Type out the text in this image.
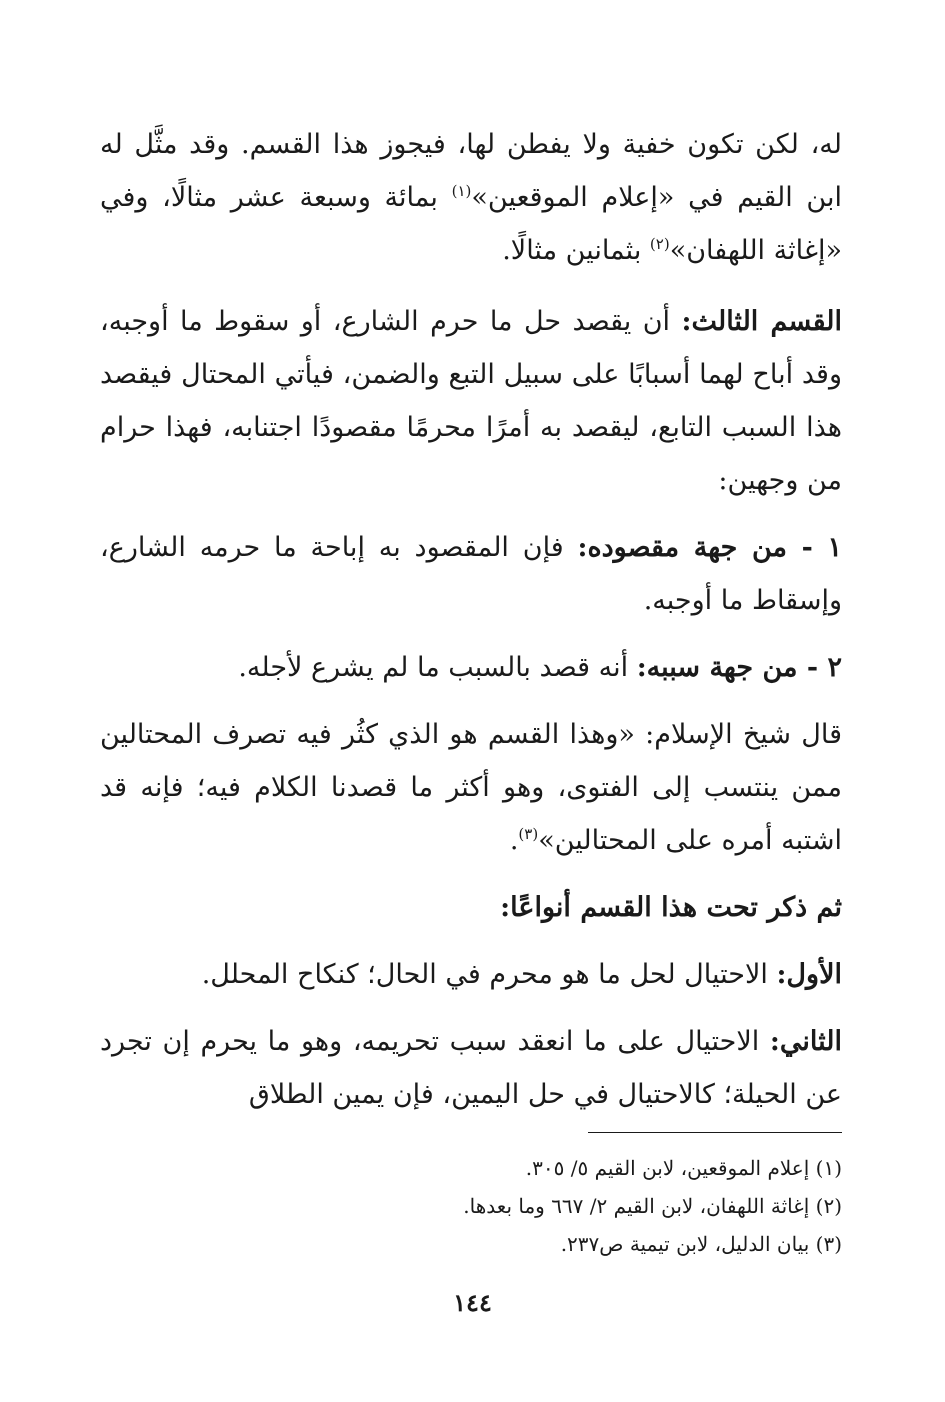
له، لكن تكون خفية ولا يفطن لها، فيجوز هذا القسم. وقد مثَّل له ابن القيم في «إعلام الموقعين»$^{(١)}$ بمائة وسبعة عشر مثالًا، وفي «إغاثة اللهفان»$^{(٢)}$ بثمانين مثالًا.

القسم الثالث: أن يقصد حل ما حرم الشارع، أو سقوط ما أوجبه، وقد أباح لهما أسبابًا على سبيل التبع والضمن، فيأتي المحتال فيقصد هذا السبب التابع، ليقصد به أمرًا محرمًا مقصودًا اجتنابه، فهذا حرام من وجهين:

١ - من جهة مقصوده: فإن المقصود به إباحة ما حرمه الشارع، وإسقاط ما أوجبه.

٢ - من جهة سببه: أنه قصد بالسبب ما لم يشرع لأجله.

قال شيخ الإسلام: «وهذا القسم هو الذي كثُر فيه تصرف المحتالين ممن ينتسب إلى الفتوى، وهو أكثر ما قصدنا الكلام فيه؛ فإنه قد اشتبه أمره على المحتالين»$^{(٣)}$.

ثم ذكر تحت هذا القسم أنواعًا:

الأول: الاحتيال لحل ما هو محرم في الحال؛ كنكاح المحلل.

الثاني: الاحتيال على ما انعقد سبب تحريمه، وهو ما يحرم إن تجرد عن الحيلة؛ كالاحتيال في حل اليمين، فإن يمين الطلاق

(١) إعلام الموقعين، لابن القيم ٥/ ٣٠٥.
(٢) إغاثة اللهفان، لابن القيم ٢/ ٦٦٧ وما بعدها.
(٣) بيان الدليل، لابن تيمية ص٢٣٧.
١٤٤
